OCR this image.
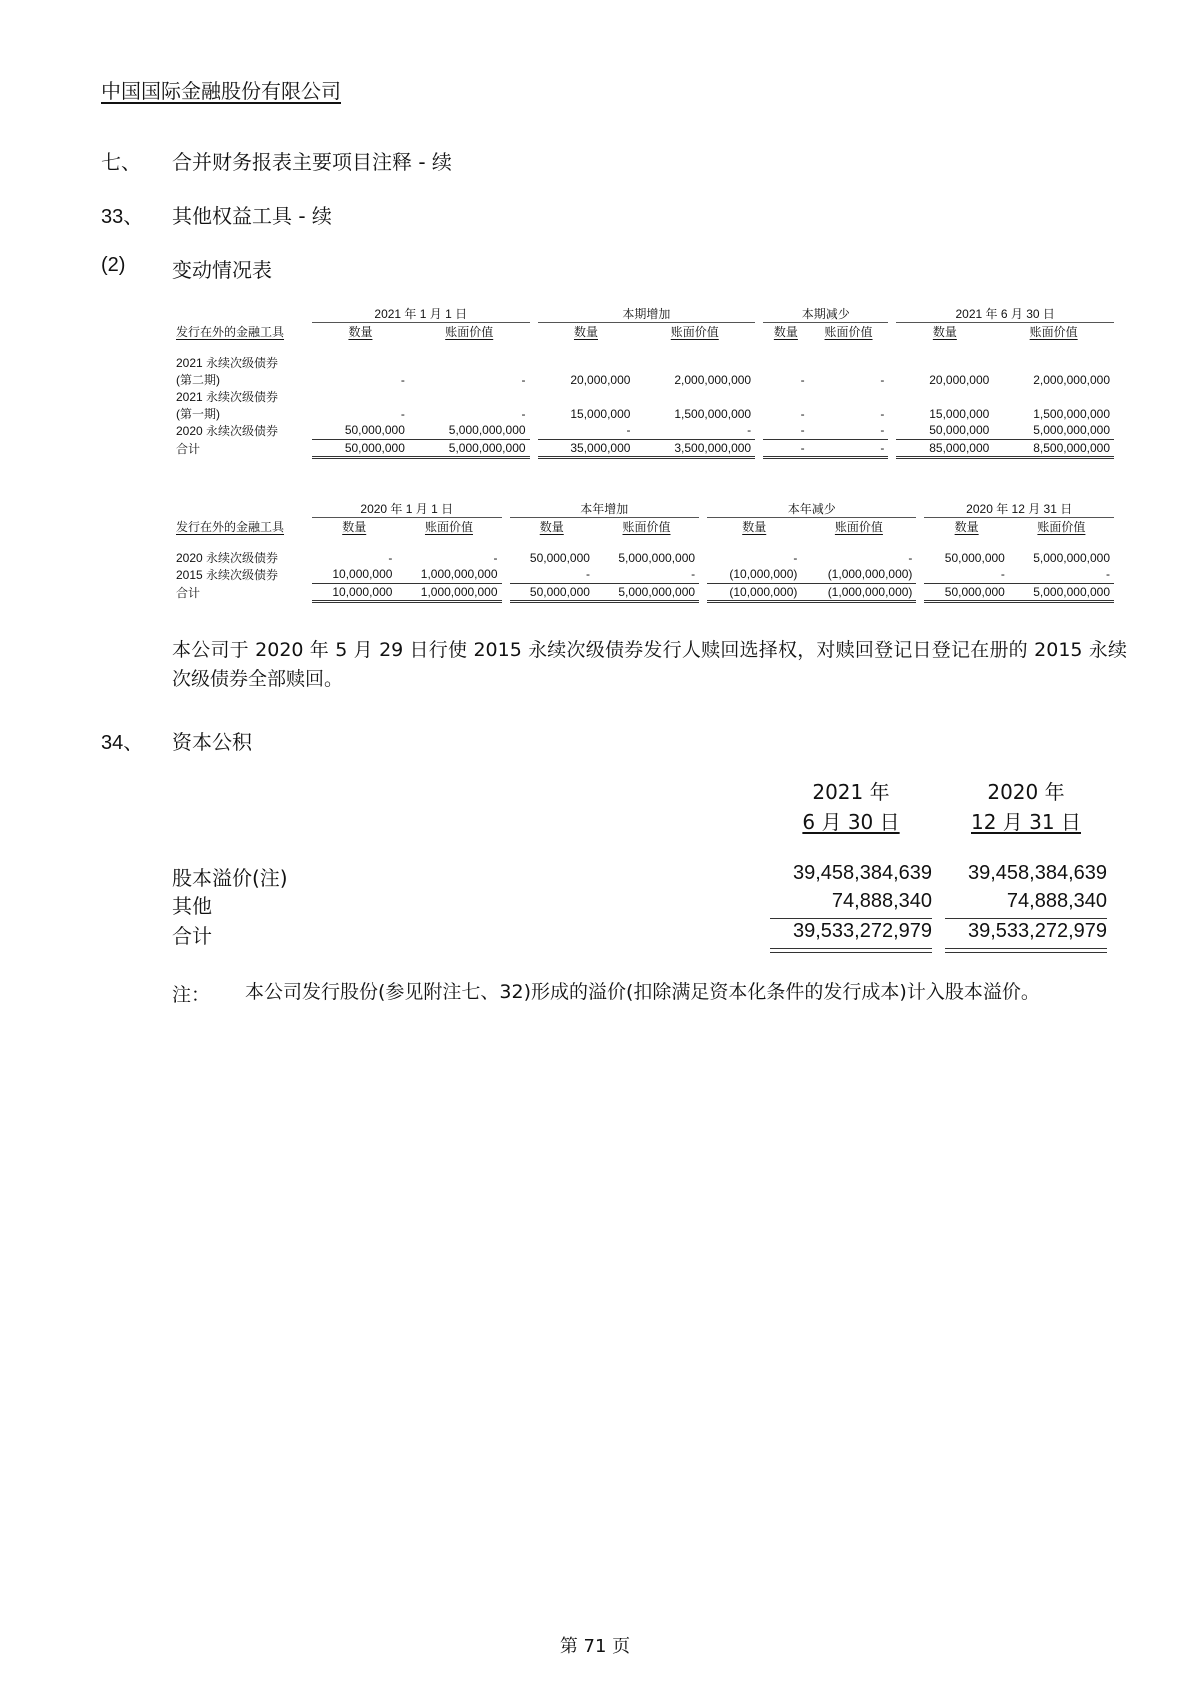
中国国际金融股份有限公司
七、 合并财务报表主要项目注释 - 续
33、 其他权益工具 - 续
(2) 变动情况表
	2021 年 1 月 1 日			本期增加			本期减少			2021 年 6 月 30 日	
发行在外的金融工具	数量	账面价值		数量	账面价值		数量	账面价值		数量	账面价值

2021 永续次级债券											
(第二期)	-	-		20,000,000	2,000,000,000		-	-		20,000,000	2,000,000,000
2021 永续次级债券											
(第一期)	-	-		15,000,000	1,500,000,000		-	-		15,000,000	1,500,000,000
2020 永续次级债券	50,000,000	5,000,000,000		-	-		-	-		50,000,000	5,000,000,000
合计	50,000,000	5,000,000,000		35,000,000	3,500,000,000		-	-		85,000,000	8,500,000,000
	2020 年 1 月 1 日			本年增加			本年减少			2020 年 12 月 31 日	
发行在外的金融工具	数量	账面价值		数量	账面价值		数量	账面价值		数量	账面价值

2020 永续次级债券	-	-		50,000,000	5,000,000,000		-	-		50,000,000	5,000,000,000
2015 永续次级债券	10,000,000	1,000,000,000		-	-		(10,000,000)	(1,000,000,000)		-	-
合计	10,000,000	1,000,000,000		50,000,000	5,000,000,000		(10,000,000)	(1,000,000,000)		50,000,000	5,000,000,000
本公司于 2020 年 5 月 29 日行使 2015 永续次级债券发行人赎回选择权，对赎回登记日登记在册的 2015 永续次级债券全部赎回。
34、 资本公积
2021 年
6 月 30 日
2020 年
12 月 31 日
股本溢价(注)	39,458,384,639	39,458,384,639
其他	74,888,340	74,888,340
合计	39,533,272,979	39,533,272,979
注： 本公司发行股份(参见附注七、32)形成的溢价(扣除满足资本化条件的发行成本)计入股本溢价。
第 71 页
